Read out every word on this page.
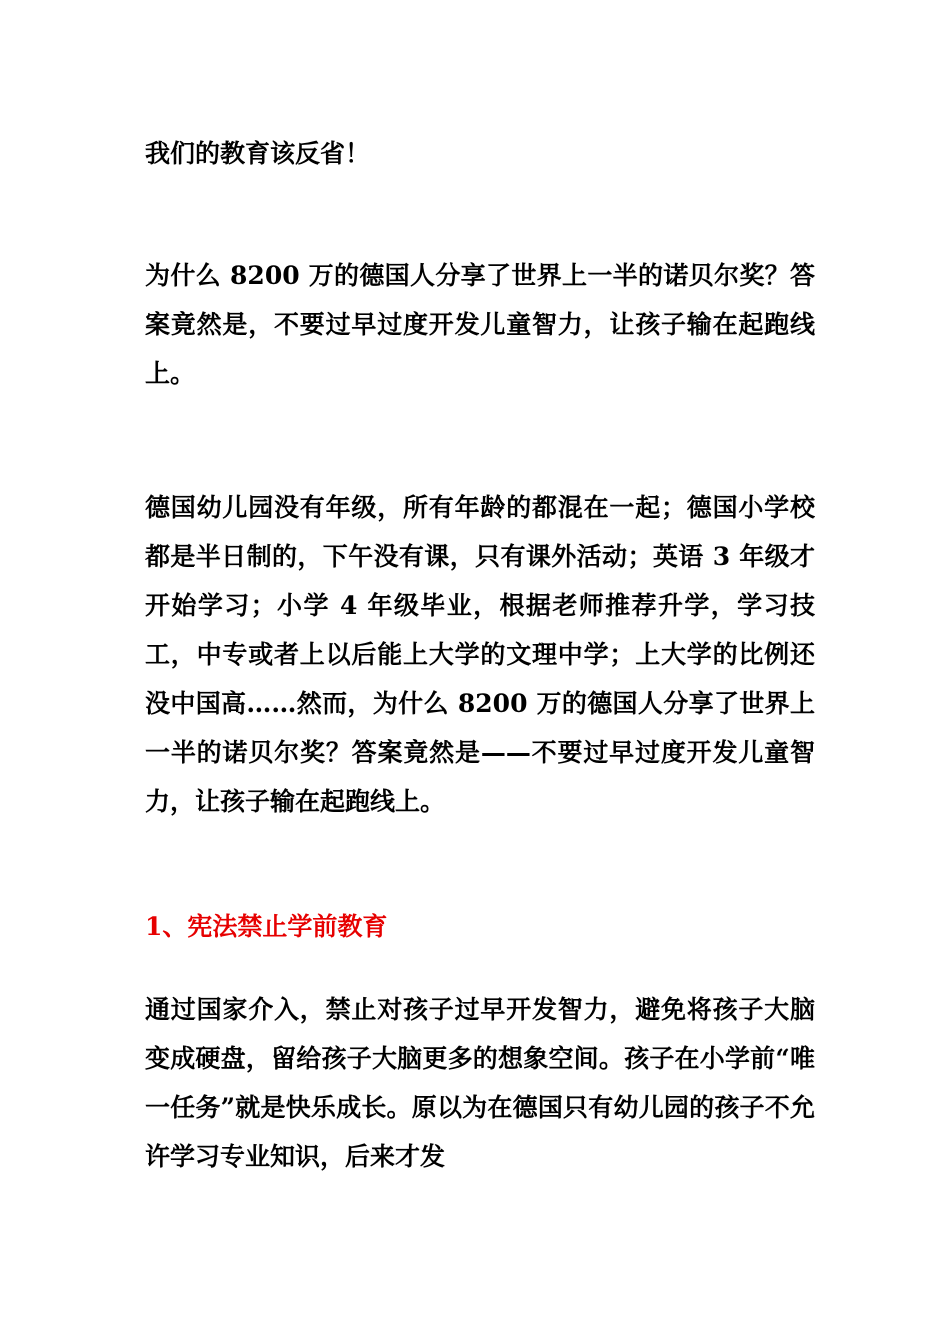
我们的教育该反省！

为什么 8200 万的德国人分享了世界上一半的诺贝尔奖？答案竟然是，不要过早过度开发儿童智力，让孩子输在起跑线上。

德国幼儿园没有年级，所有年龄的都混在一起；德国小学校都是半日制的，下午没有课，只有课外活动；英语 3 年级才开始学习；小学 4 年级毕业，根据老师推荐升学，学习技工，中专或者上以后能上大学的文理中学；上大学的比例还没中国高……然而，为什么 8200 万的德国人分享了世界上一半的诺贝尔奖？答案竟然是——不要过早过度开发儿童智力，让孩子输在起跑线上。

1、宪法禁止学前教育

通过国家介入，禁止对孩子过早开发智力，避免将孩子大脑变成硬盘，留给孩子大脑更多的想象空间。孩子在小学前“唯一任务”就是快乐成长。原以为在德国只有幼儿园的孩子不允许学习专业知识，后来才发
